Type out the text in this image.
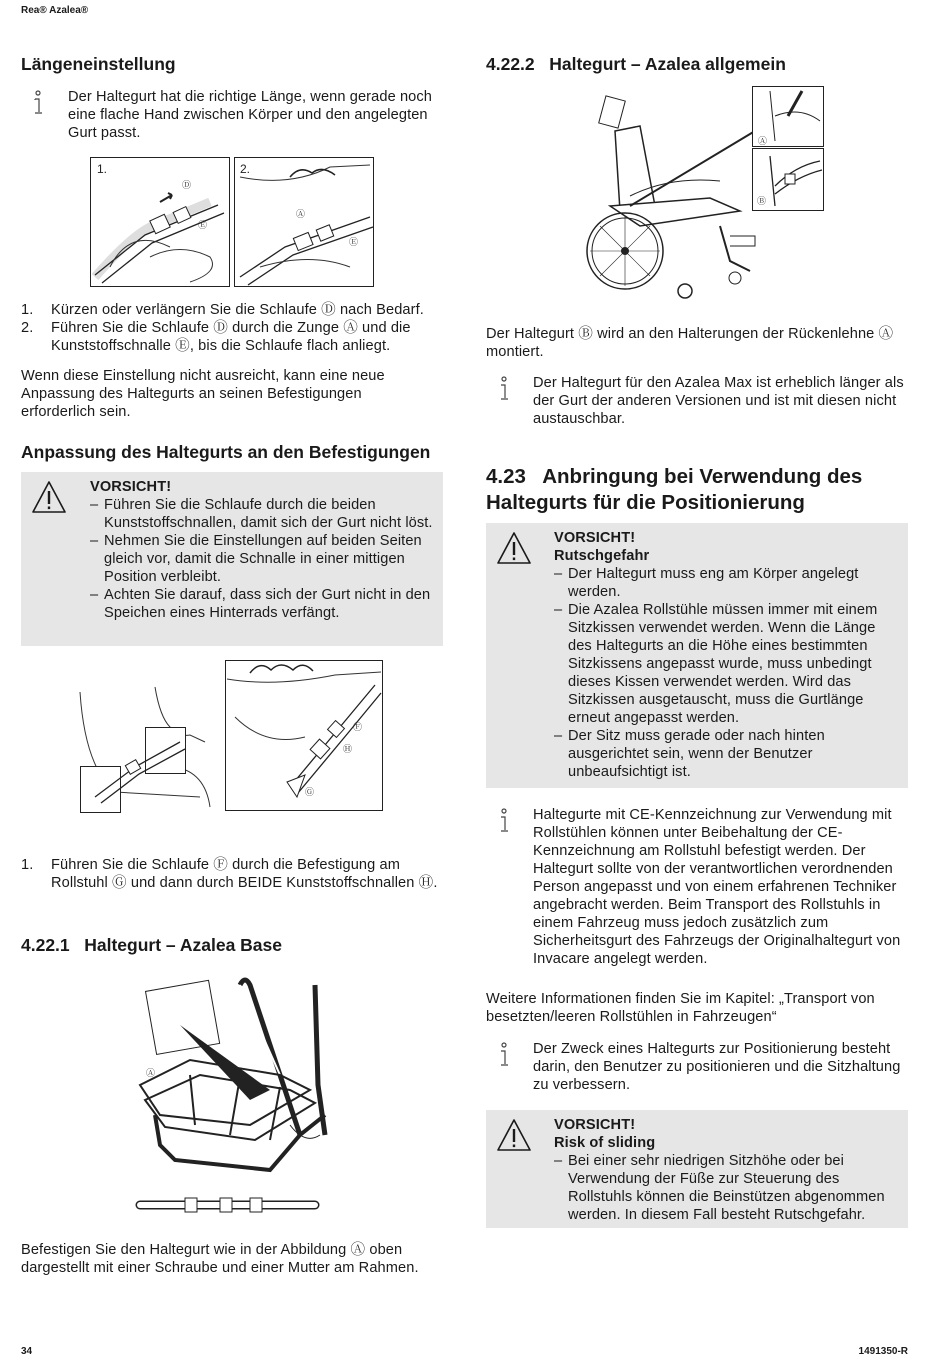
Rea® Azalea®
Längeneinstellung
Der Haltegurt hat die richtige Länge, wenn gerade noch eine flache Hand zwischen Körper und den angelegten Gurt passt.
1.	2.
Ⓓ
Ⓔ
Ⓐ
Ⓔ
1. Kürzen oder verlängern Sie die Schlaufe Ⓓ nach Bedarf.
2. Führen Sie die Schlaufe Ⓓ durch die Zunge Ⓐ und die Kunststoffschnalle Ⓔ, bis die Schlaufe flach anliegt.
Wenn diese Einstellung nicht ausreicht, kann eine neue Anpassung des Haltegurts an seinen Befestigungen erforderlich sein.
Anpassung des Haltegurts an den Befestigungen
VORSICHT!
– Führen Sie die Schlaufe durch die beiden Kunststoffschnallen, damit sich der Gurt nicht löst.
– Nehmen Sie die Einstellungen auf beiden Seiten gleich vor, damit die Schnalle in einer mittigen Position verbleibt.
– Achten Sie darauf, dass sich der Gurt nicht in den Speichen eines Hinterrads verfängt.
Ⓕ
Ⓗ
Ⓖ
1. Führen Sie die Schlaufe Ⓕ durch die Befestigung am Rollstuhl Ⓖ und dann durch BEIDE Kunststoffschnallen Ⓗ.
4.22.1   Haltegurt – Azalea Base
Ⓐ
Befestigen Sie den Haltegurt wie in der Abbildung Ⓐ oben dargestellt mit einer Schraube und einer Mutter am Rahmen.
4.22.2   Haltegurt – Azalea allgemein
Ⓐ
Ⓑ
Der Haltegurt Ⓑ wird an den Halterungen der Rückenlehne Ⓐ montiert.
Der Haltegurt für den Azalea Max ist erheblich länger als der Gurt der anderen Versionen und ist mit diesen nicht austauschbar.
4.23   Anbringung bei Verwendung des Haltegurts für die Positionierung
VORSICHT!
Rutschgefahr
– Der Haltegurt muss eng am Körper angelegt werden.
– Die Azalea Rollstühle müssen immer mit einem Sitzkissen verwendet werden. Wenn die Länge des Haltegurts an die Höhe eines bestimmten Sitzkissens angepasst wurde, muss unbedingt dieses Kissen verwendet werden. Wird das Sitzkissen ausgetauscht, muss die Gurtlänge erneut angepasst werden.
– Der Sitz muss gerade oder nach hinten ausgerichtet sein, wenn der Benutzer unbeaufsichtigt ist.
Haltegurte mit CE-Kennzeichnung zur Verwendung mit Rollstühlen können unter Beibehaltung der CE-Kennzeichnung am Rollstuhl befestigt werden. Der Haltegurt sollte von der verantwortlichen verordnenden Person angepasst und von einem erfahrenen Techniker angebracht werden. Beim Transport des Rollstuhls in einem Fahrzeug muss jedoch zusätzlich zum Sicherheitsgurt des Fahrzeugs der Originalhaltegurt von Invacare angelegt werden.
Weitere Informationen finden Sie im Kapitel: „Transport von besetzten/leeren Rollstühlen in Fahrzeugen“
Der Zweck eines Haltegurts zur Positionierung besteht darin, den Benutzer zu positionieren und die Sitzhaltung zu verbessern.
VORSICHT!
Risk of sliding
– Bei einer sehr niedrigen Sitzhöhe oder bei Verwendung der Füße zur Steuerung des Rollstuhls können die Beinstützen abgenommen werden. In diesem Fall besteht Rutschgefahr.
34	1491350-R
